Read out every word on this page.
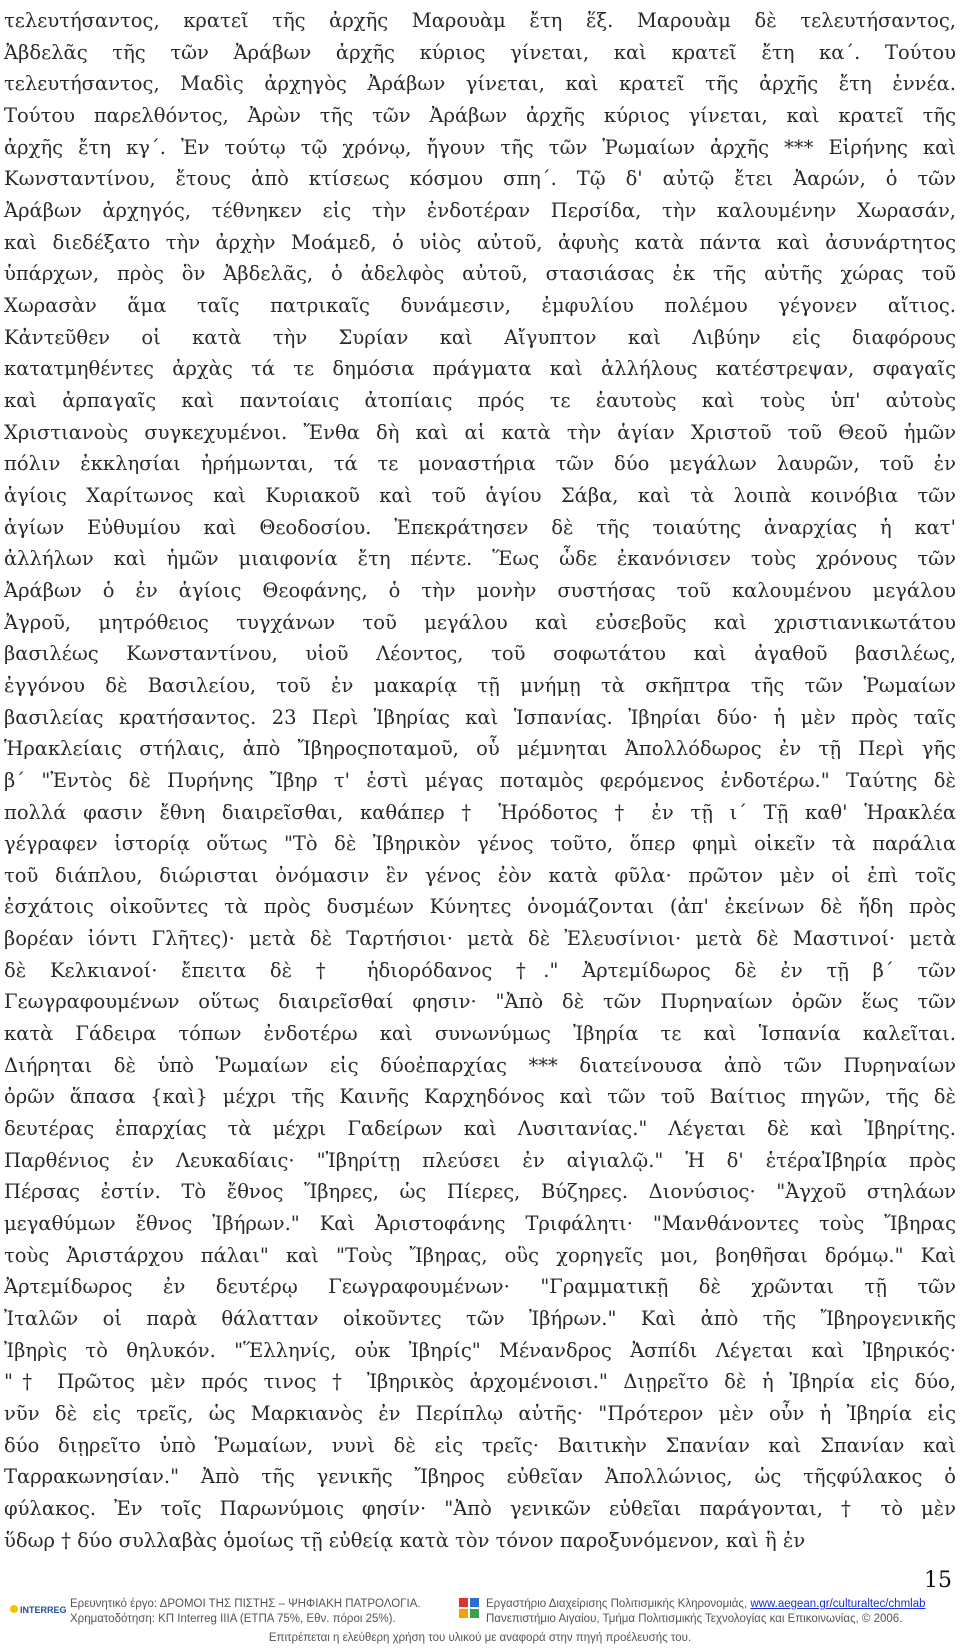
τελευτήσαντος, κρατεῖ τῆς ἀρχῆς Μαρουὰμ ἔτη ἕξ. Μαρουὰμ δὲ τελευτήσαντος,
Ἀβδελᾶς τῆς τῶν Ἀράβων ἀρχῆς κύριος γίνεται, καὶ κρατεῖ ἔτη κα΄. Τούτου
τελευτήσαντος, Μαδὶς ἀρχηγὸς Ἀράβων γίνεται, καὶ κρατεῖ τῆς ἀρχῆς ἔτη ἐννέα.
Τούτου παρελθόντος, Ἀρὼν τῆς τῶν Ἀράβων ἀρχῆς κύριος γίνεται, καὶ κρατεῖ τῆς
ἀρχῆς ἔτη κγ΄. Ἐν τούτῳ τῷ χρόνῳ, ἤγουν τῆς τῶν Ῥωμαίων ἀρχῆς *** Εἰρήνης καὶ
Κωνσταντίνου, ἔτους ἀπὸ κτίσεως κόσμου σπη΄. Τῷ δ' αὐτῷ ἔτει Ἀαρών, ὁ τῶν
Ἀράβων ἀρχηγός, τέθνηκεν εἰς τὴν ἐνδοτέραν Περσίδα, τὴν καλουμένην Χωρασάν,
καὶ διεδέξατο τὴν ἀρχὴν Μοάμεδ, ὁ υἱὸς αὐτοῦ, ἀφυὴς κατὰ πάντα καὶ ἀσυνάρτητος
ὑπάρχων, πρὸς ὃν Ἀβδελᾶς, ὁ ἀδελφὸς αὐτοῦ, στασιάσας ἐκ τῆς αὐτῆς χώρας τοῦ
Χωρασὰν ἅμα ταῖς πατρικαῖς δυνάμεσιν, ἐμφυλίου πολέμου γέγονεν αἴτιος.
Κἀντεῦθεν οἱ κατὰ τὴν Συρίαν καὶ Αἴγυπτον καὶ Λιβύην εἰς διαφόρους
κατατμηθέντες ἀρχὰς τά τε δημόσια πράγματα καὶ ἀλλήλους κατέστρεψαν, σφαγαῖς
καὶ ἁρπαγαῖς καὶ παντοίαις ἀτοπίαις πρός τε ἑαυτοὺς καὶ τοὺς ὑπ' αὐτοὺς
Χριστιανοὺς συγκεχυμένοι. Ἔνθα δὴ καὶ αἱ κατὰ τὴν ἁγίαν Χριστοῦ τοῦ Θεοῦ ἡμῶν
πόλιν ἐκκλησίαι ἠρήμωνται, τά τε μοναστήρια τῶν δύο μεγάλων λαυρῶν, τοῦ ἐν
ἁγίοις Χαρίτωνος καὶ Κυριακοῦ καὶ τοῦ ἁγίου Σάβα, καὶ τὰ λοιπὰ κοινόβια τῶν
ἁγίων Εὐθυμίου καὶ Θεοδοσίου. Ἐπεκράτησεν δὲ τῆς τοιαύτης ἀναρχίας ἡ κατ'
ἀλλήλων καὶ ἡμῶν μιαιφονία ἔτη πέντε. Ἕως ὧδε ἐκανόνισεν τοὺς χρόνους τῶν
Ἀράβων ὁ ἐν ἁγίοις Θεοφάνης, ὁ τὴν μονὴν συστήσας τοῦ καλουμένου μεγάλου
Ἀγροῦ, μητρόθειος τυγχάνων τοῦ μεγάλου καὶ εὐσεβοῦς καὶ χριστιανικωτάτου
βασιλέως Κωνσταντίνου, υἱοῦ Λέοντος, τοῦ σοφωτάτου καὶ ἀγαθοῦ βασιλέως,
ἐγγόνου δὲ Βασιλείου, τοῦ ἐν μακαρίᾳ τῇ μνήμῃ τὰ σκῆπτρα τῆς τῶν Ῥωμαίων
βασιλείας κρατήσαντος. 23 Περὶ Ἰβηρίας καὶ Ἱσπανίας. Ἰβηρίαι δύο· ἡ μὲν πρὸς ταῖς
Ἡρακλείαις στήλαις, ἀπὸ Ἴβηροςποταμοῦ, οὗ μέμνηται Ἀπολλόδωρος ἐν τῇ Περὶ γῆς
β΄ "Ἐντὸς δὲ Πυρήνης Ἴβηρ τ' ἐστὶ μέγας ποταμὸς φερόμενος ἐνδοτέρω." Ταύτης δὲ
πολλά φασιν ἔθνη διαιρεῖσθαι, καθάπερ † Ἡρόδοτος † ἐν τῇ ι΄ Τῇ καθ' Ἡρακλέα
γέγραφεν ἱστορίᾳ οὕτως "Τὸ δὲ Ἰβηρικὸν γένος τοῦτο, ὅπερ φημὶ οἰκεῖν τὰ παράλια
τοῦ διάπλου, διώρισται ὀνόμασιν ἓν γένος ἐὸν κατὰ φῦλα· πρῶτον μὲν οἱ ἐπὶ τοῖς
ἐσχάτοις οἰκοῦντες τὰ πρὸς δυσμέων Κύνητες ὀνομάζονται (ἀπ' ἐκείνων δὲ ἤδη πρὸς
βορέαν ἰόντι Γλῆτες)· μετὰ δὲ Ταρτήσιοι· μετὰ δὲ Ἐλευσίνιοι· μετὰ δὲ Μαστινοί· μετὰ
δὲ Κελκιανοί· ἔπειτα δὲ † ἡδιορόδανος †." Ἀρτεμίδωρος δὲ ἐν τῇ β΄ τῶν
Γεωγραφουμένων οὕτως διαιρεῖσθαί φησιν· "Ἀπὸ δὲ τῶν Πυρηναίων ὀρῶν ἕως τῶν
κατὰ Γάδειρα τόπων ἐνδοτέρω καὶ συνωνύμως Ἰβηρία τε καὶ Ἱσπανία καλεῖται.
Διήρηται δὲ ὑπὸ Ῥωμαίων εἰς δύοἐπαρχίας *** διατείνουσα ἀπὸ τῶν Πυρηναίων
ὀρῶν ἅπασα {καὶ} μέχρι τῆς Καινῆς Καρχηδόνος καὶ τῶν τοῦ Βαίτιος πηγῶν, τῆς δὲ
δευτέρας ἐπαρχίας τὰ μέχρι Γαδείρων καὶ Λυσιτανίας." Λέγεται δὲ καὶ Ἰβηρίτης.
Παρθένιος ἐν Λευκαδίαις· "Ἰβηρίτῃ πλεύσει ἐν αἰγιαλῷ." Ἡ δ' ἑτέραἸβηρία πρὸς
Πέρσας ἐστίν. Τὸ ἔθνος Ἴβηρες, ὡς Πίερες, Βύζηρες. Διονύσιος· "Ἀγχοῦ στηλάων
μεγαθύμων ἔθνος Ἰβήρων." Καὶ Ἀριστοφάνης Τριφάλητι· "Μανθάνοντες τοὺς Ἴβηρας
τοὺς Ἀριστάρχου πάλαι" καὶ "Τοὺς Ἴβηρας, οὓς χορηγεῖς μοι, βοηθῆσαι δρόμῳ." Καὶ
Ἀρτεμίδωρος ἐν δευτέρῳ Γεωγραφουμένων· "Γραμματικῇ δὲ χρῶνται τῇ τῶν
Ἰταλῶν οἱ παρὰ θάλατταν οἰκοῦντες τῶν Ἰβήρων." Καὶ ἀπὸ τῆς Ἴβηρογενικῆς
Ἰβηρὶς τὸ θηλυκόν. "Ἕλληνίς, οὐκ Ἰβηρίς" Μένανδρος Ἀσπίδι Λέγεται καὶ Ἰβηρικός·
"† Πρῶτος μὲν πρός τινος † Ἰβηρικὸς ἀρχομένοισι." Διῃρεῖτο δὲ ἡ Ἰβηρία εἰς δύο,
νῦν δὲ εἰς τρεῖς, ὡς Μαρκιανὸς ἐν Περίπλῳ αὐτῆς· "Πρότερον μὲν οὖν ἡ Ἰβηρία εἰς
δύο διῃρεῖτο ὑπὸ Ῥωμαίων, νυνὶ δὲ εἰς τρεῖς· Βαιτικὴν Σπανίαν καὶ Σπανίαν καὶ
Ταρρακωνησίαν." Ἀπὸ τῆς γενικῆς Ἴβηρος εὐθεῖαν Ἀπολλώνιος, ὡς τῆςφύλακος ὁ
φύλακος. Ἐν τοῖς Παρωνύμοις φησίν· "Ἀπὸ γενικῶν εὐθεῖαι παράγονται, † τὸ μὲν
ὕδωρ † δύο συλλαβὰς ὁμοίως τῇ εὐθείᾳ κατὰ τὸν τόνον παροξυνόμενον, καὶ ἣ ἐν
15
INTERREG Ερευνητικό έργο: ΔΡΟΜΟΙ ΤΗΣ ΠΙΣΤΗΣ – ΨΗΦΙΑΚΗ ΠΑΤΡΟΛΟΓΙΑ.
Χρηματοδότηση: ΚΠ Interreg IIIA (ΕΤΠΑ 75%, Εθν. πόροι 25%).
Εργαστήριο Διαχείρισης Πολιτισμικής Κληρονομιάς, www.aegean.gr/culturaltec/chmlab
Πανεπιστήμιο Αιγαίου, Τμήμα Πολιτισμικής Τεχνολογίας και Επικοινωνίας, © 2006.
Επιτρέπεται η ελεύθερη χρήση του υλικού με αναφορά στην πηγή προέλευσής του.
